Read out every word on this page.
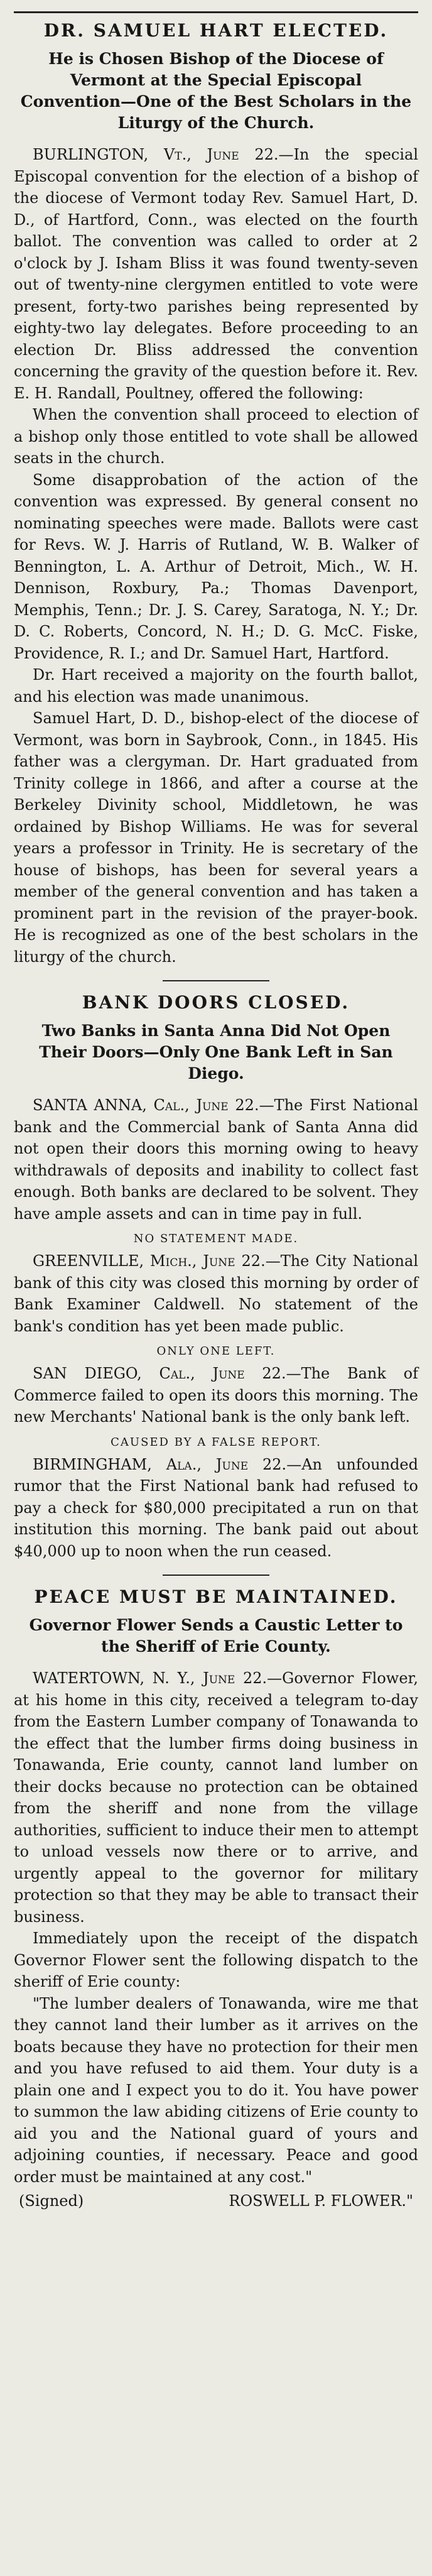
DR. SAMUEL HART ELECTED.
He is Chosen Bishop of the Diocese of Vermont at the Special Episcopal Convention—One of the Best Scholars in the Liturgy of the Church.

BURLINGTON, Vt., June 22.—In the special Episcopal convention for the election of a bishop of the diocese of Vermont today Rev. Samuel Hart, D. D., of Hartford, Conn., was elected on the fourth ballot. The convention was called to order at 2 o'clock by J. Isham Bliss it was found twenty-seven out of twenty-nine clergymen entitled to vote were present, forty-two parishes being represented by eighty-two lay delegates. Before proceeding to an election Dr. Bliss addressed the convention concerning the gravity of the question before it. Rev. E. H. Randall, Poultney, offered the following:

When the convention shall proceed to election of a bishop only those entitled to vote shall be allowed seats in the church.

Some disapprobation of the action of the convention was expressed. By general consent no nominating speeches were made. Ballots were cast for Revs. W. J. Harris of Rutland, W. B. Walker of Bennington, L. A. Arthur of Detroit, Mich., W. H. Dennison, Roxbury, Pa.; Thomas Davenport, Memphis, Tenn.; Dr. J. S. Carey, Saratoga, N. Y.; Dr. D. C. Roberts, Concord, N. H.; D. G. McC. Fiske, Providence, R. I.; and Dr. Samuel Hart, Hartford.

Dr. Hart received a majority on the fourth ballot, and his election was made unanimous.

Samuel Hart, D. D., bishop-elect of the diocese of Vermont, was born in Saybrook, Conn., in 1845. His father was a clergyman. Dr. Hart graduated from Trinity college in 1866, and after a course at the Berkeley Divinity school, Middletown, he was ordained by Bishop Williams. He was for several years a professor in Trinity. He is secretary of the house of bishops, has been for several years a member of the general convention and has taken a prominent part in the revision of the prayer-book. He is recognized as one of the best scholars in the liturgy of the church.

BANK DOORS CLOSED.
Two Banks in Santa Anna Did Not Open Their Doors—Only One Bank Left in San Diego.

SANTA ANNA, Cal., June 22.—The First National bank and the Commercial bank of Santa Anna did not open their doors this morning owing to heavy withdrawals of deposits and inability to collect fast enough. Both banks are declared to be solvent. They have ample assets and can in time pay in full.

NO STATEMENT MADE.

GREENVILLE, Mich., June 22.—The City National bank of this city was closed this morning by order of Bank Examiner Caldwell. No statement of the bank's condition has yet been made public.

ONLY ONE LEFT.

SAN DIEGO, Cal., June 22.—The Bank of Commerce failed to open its doors this morning. The new Merchants' National bank is the only bank left.

CAUSED BY A FALSE REPORT.

BIRMINGHAM, Ala., June 22.—An unfounded rumor that the First National bank had refused to pay a check for $80,000 precipitated a run on that institution this morning. The bank paid out about $40,000 up to noon when the run ceased.

PEACE MUST BE MAINTAINED.
Governor Flower Sends a Caustic Letter to the Sheriff of Erie County.

WATERTOWN, N. Y., June 22.—Governor Flower, at his home in this city, received a telegram to-day from the Eastern Lumber company of Tonawanda to the effect that the lumber firms doing business in Tonawanda, Erie county, cannot land lumber on their docks because no protection can be obtained from the sheriff and none from the village authorities, sufficient to induce their men to attempt to unload vessels now there or to arrive, and urgently appeal to the governor for military protection so that they may be able to transact their business.

Immediately upon the receipt of the dispatch Governor Flower sent the following dispatch to the sheriff of Erie county:

"The lumber dealers of Tonawanda, wire me that they cannot land their lumber as it arrives on the boats because they have no protection for their men and you have refused to aid them. Your duty is a plain one and I expect you to do it. You have power to summon the law abiding citizens of Erie county to aid you and the National guard of yours and adjoining counties, if necessary. Peace and good order must be maintained at any cost."

(Signed)	ROSWELL P. FLOWER."
